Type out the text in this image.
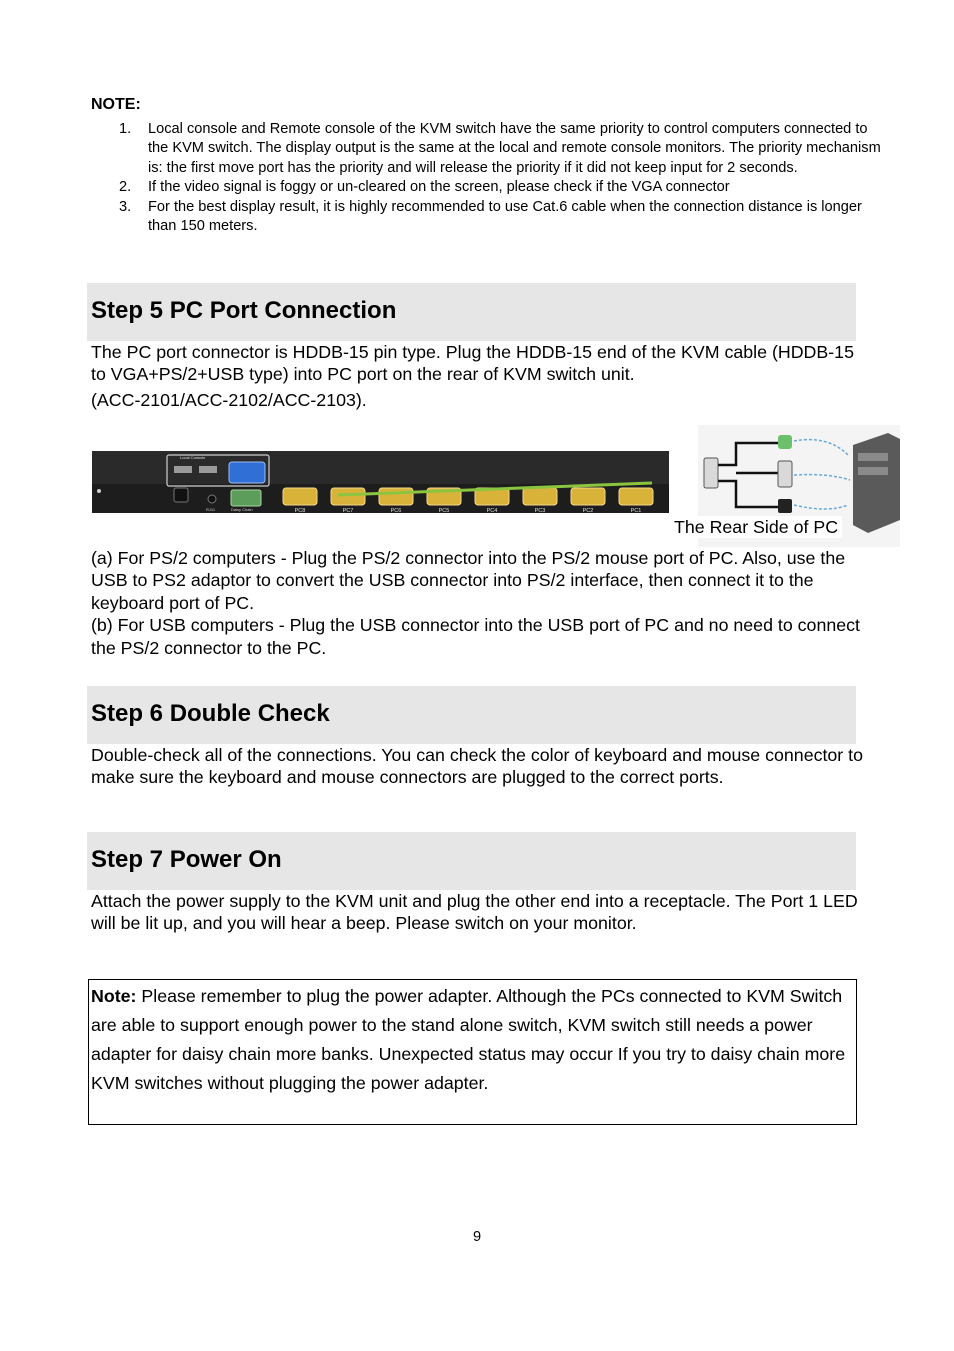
NOTE:
1. Local console and Remote console of the KVM switch have the same priority to control computers connected to the KVM switch. The display output is the same at the local and remote console monitors. The priority mechanism is: the first move port has the priority and will release the priority if it did not keep input for 2 seconds.
2. If the video signal is foggy or un-cleared on the screen, please check if the VGA connector
3. For the best display result, it is highly recommended to use Cat.6 cable when the connection distance is longer than 150 meters.
Step 5 PC Port Connection

The PC port connector is HDDB-15 pin type. Plug the HDDB-15 end of the KVM cable (HDDB-15 to VGA+PS/2+USB type) into PC port on the rear of KVM switch unit.

(ACC-2101/ACC-2102/ACC-2103).

Local Console
RJ11	Daisy Chain	PC8	PC7	PC6	PC5	PC4	PC3	PC2	PC1
The Rear Side of PC

(a) For PS/2 computers - Plug the PS/2 connector into the PS/2 mouse port of PC. Also, use the USB to PS2 adaptor to convert the USB connector into PS/2 interface, then connect it to the keyboard port of PC.

(b) For USB computers - Plug the USB connector into the USB port of PC and no need to connect the PS/2 connector to the PC.

Step 6 Double Check
Double-check all of the connections. You can check the color of keyboard and mouse connector to make sure the keyboard and mouse connectors are plugged to the correct ports.
Step 7 Power On
Attach the power supply to the KVM unit and plug the other end into a receptacle. The Port 1 LED will be lit up, and you will hear a beep. Please switch on your monitor.
Note: Please remember to plug the power adapter. Although the PCs connected to KVM Switch are able to support enough power to the stand alone switch, KVM switch still needs a power adapter for daisy chain more banks. Unexpected status may occur If you try to daisy chain more KVM switches without plugging the power adapter.
9
